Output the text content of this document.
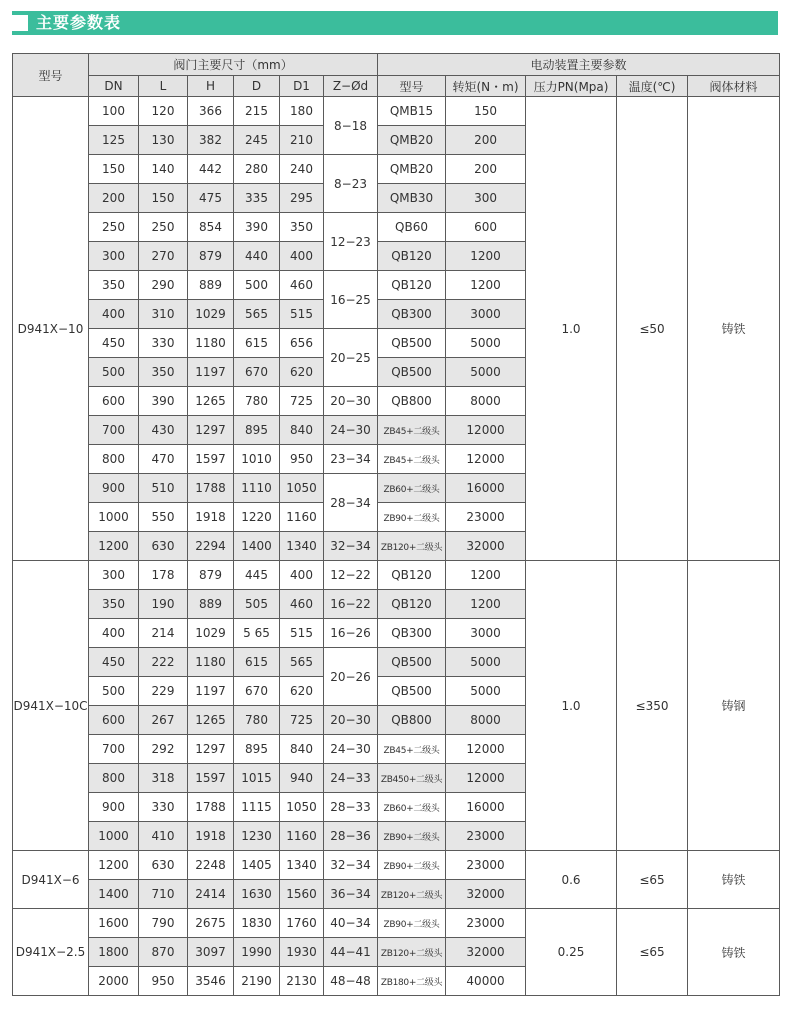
主要参数表
型号	阀门主要尺寸（mm）						电动装置主要参数				
	DN	L	H	D	D1	Z−Ød	型号	转矩(N・m)	压力PN(Mpa)	温度(℃)	阀体材料
D941X−10	100	120	366	215	180	8−18	QMB15	150	1.0	≤50	铸铁
	125	130	382	245	210		QMB20	200			
	150	140	442	280	240	8−23	QMB20	200			
	200	150	475	335	295		QMB30	300			
	250	250	854	390	350	12−23	QB60	600			
	300	270	879	440	400		QB120	1200			
	350	290	889	500	460	16−25	QB120	1200			
	400	310	1029	565	515		QB300	3000			
	450	330	1180	615	656	20−25	QB500	5000			
	500	350	1197	670	620		QB500	5000			
	600	390	1265	780	725	20−30	QB800	8000			
	700	430	1297	895	840	24−30	ZB45+二级头	12000			
	800	470	1597	1010	950	23−34	ZB45+二级头	12000			
	900	510	1788	1110	1050	28−34	ZB60+二级头	16000			
	1000	550	1918	1220	1160		ZB90+二级头	23000			
	1200	630	2294	1400	1340	32−34	ZB120+二级头	32000			
D941X−10C	300	178	879	445	400	12−22	QB120	1200	1.0	≤350	铸钢
	350	190	889	505	460	16−22	QB120	1200			
	400	214	1029	5 65	515	16−26	QB300	3000			
	450	222	1180	615	565	20−26	QB500	5000			
	500	229	1197	670	620		QB500	5000			
	600	267	1265	780	725	20−30	QB800	8000			
	700	292	1297	895	840	24−30	ZB45+二级头	12000			
	800	318	1597	1015	940	24−33	ZB450+二级头	12000			
	900	330	1788	1115	1050	28−33	ZB60+二级头	16000			
	1000	410	1918	1230	1160	28−36	ZB90+二级头	23000			
D941X−6	1200	630	2248	1405	1340	32−34	ZB90+二级头	23000	0.6	≤65	铸铁
	1400	710	2414	1630	1560	36−34	ZB120+二级头	32000			
D941X−2.5	1600	790	2675	1830	1760	40−34	ZB90+二级头	23000	0.25	≤65	铸铁
	1800	870	3097	1990	1930	44−41	ZB120+二级头	32000			
	2000	950	3546	2190	2130	48−48	ZB180+二级头	40000			
